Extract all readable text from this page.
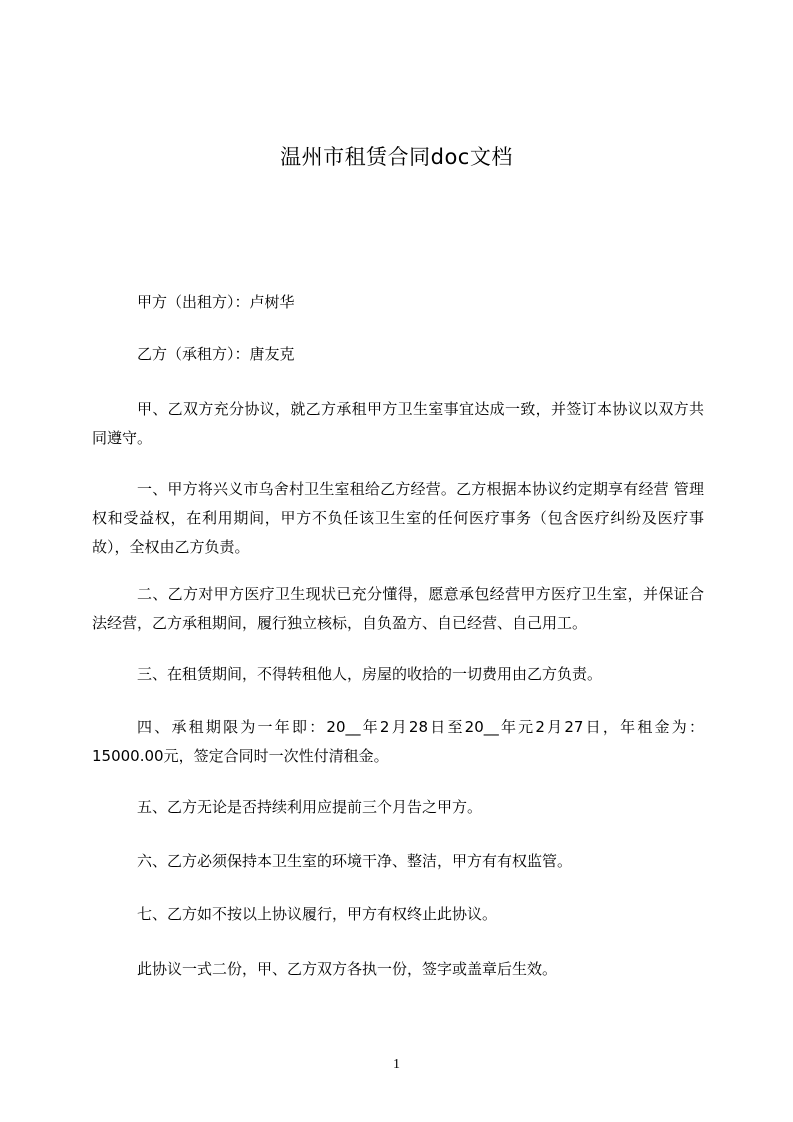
温州市租赁合同doc文档

甲方（出租方）：卢树华

乙方（承租方）：唐友克

甲、乙双方充分协议，就乙方承租甲方卫生室事宜达成一致，并签订本协议以双方共同遵守。

一、甲方将兴义市乌舍村卫生室租给乙方经营。乙方根据本协议约定期享有经营 管理权和受益权，在利用期间，甲方不负任该卫生室的任何医疗事务（包含医疗纠纷及医疗事故），全权由乙方负责。

二、乙方对甲方医疗卫生现状已充分懂得，愿意承包经营甲方医疗卫生室，并保证合法经营，乙方承租期间，履行独立核标，自负盈方、自已经营、自己用工。

三、在租赁期间，不得转租他人，房屋的收拾的一切费用由乙方负责。

四、承租期限为一年即：20__年2月28日至20__年元2月27日，年租金为：15000.00元，签定合同时一次性付清租金。

五、乙方无论是否持续利用应提前三个月告之甲方。

六、乙方必须保持本卫生室的环境干净、整洁，甲方有有权监管。

七、乙方如不按以上协议履行，甲方有权终止此协议。

此协议一式二份，甲、乙方双方各执一份，签字或盖章后生效。

1
